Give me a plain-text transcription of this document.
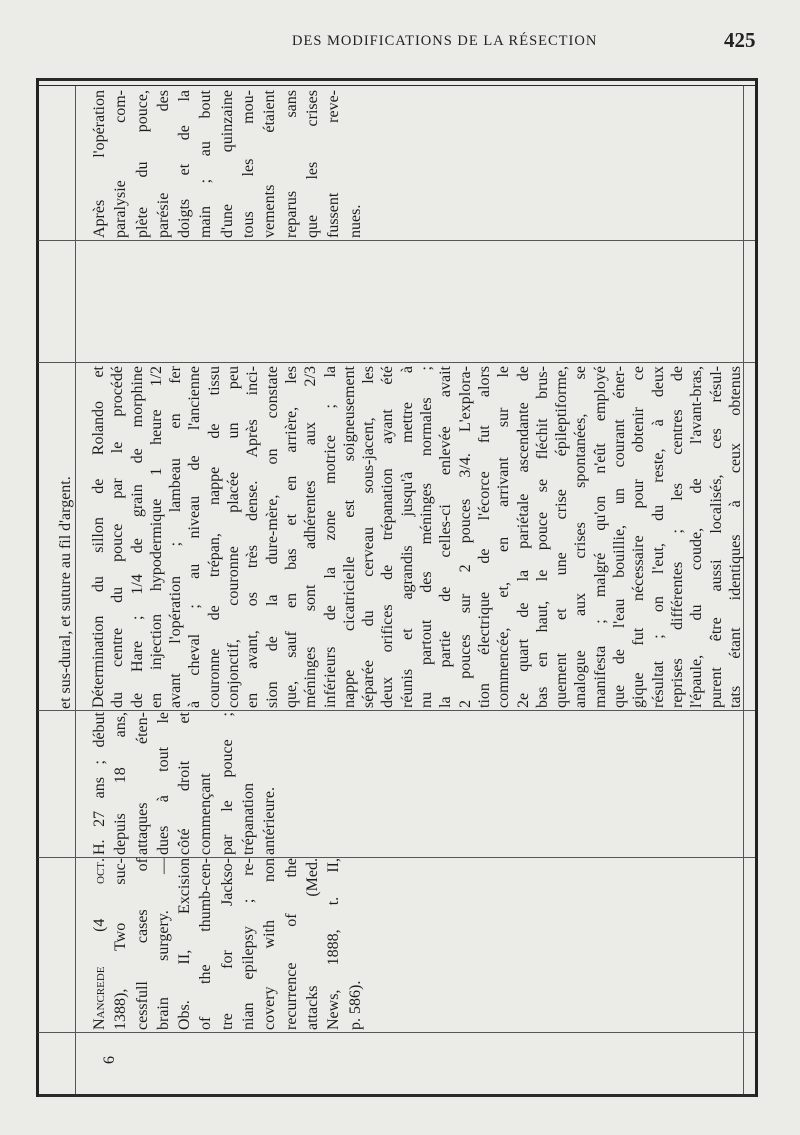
DES MODIFICATIONS DE LA RÉSECTION	425
et sus-dural, et suture au fil d'argent.
6
Nancrede (4 oct. 1388), Two suc- cessfull cases of brain surgery. — Obs. II, Excision of the thumb-cen- tre for Jackso- nian epilepsy ; re- covery with non recurrence of the attacks (Med. News, 1888, t. II, p. 586).
H. 27 ans ; début depuis 18 ans, attaques éten- dues à tout le côté droit et commençant par le pouce ; trépanation antérieure.
Détermination du sillon de Rolando et du centre du pouce par le procédé de Hare ; 1/4 de grain de morphine en injection hypodermique 1 heure 1/2 avant l'opération ; lambeau en fer à cheval ; au niveau de l'ancienne couronne de trépan, nappe de tissu conjonctif, couronne placée un peu en avant, os très dense. Après inci- sion de la dure-mère, on constate que, sauf en bas et en arrière, les méninges sont adhérentes aux 2/3 inférieurs de la zone motrice ; la nappe cicatricielle est soigneusement séparée du cerveau sous-jacent, les deux orifices de trépanation ayant été réunis et agrandis jusqu'à mettre à nu partout des méninges normales ; la partie de celles-ci enlevée avait 2 pouces sur 2 pouces 3/4. L'explora- tion électrique de l'écorce fut alors commencée, et, en arrivant sur le 2e quart de la pariétale ascendante de bas en haut, le pouce se fléchit brus- quement et une crise épileptiforme, analogue aux crises spontanées, se manifesta ; malgré qu'on n'eût employé que de l'eau bouillie, un courant éner- gique fut nécessaire pour obtenir ce résultat ; on l'eut, du reste, à deux reprises différentes ; les centres de l'épaule, du coude, de l'avant-bras, purent être aussi localisés, ces résul- tats étant identiques à ceux obtenus
Après l'opération paralysie com- plète du pouce, parésie des doigts et de la main ; au bout d'une quinzaine tous les mou- vements étaient reparus sans que les crises fussent reve- nues.
